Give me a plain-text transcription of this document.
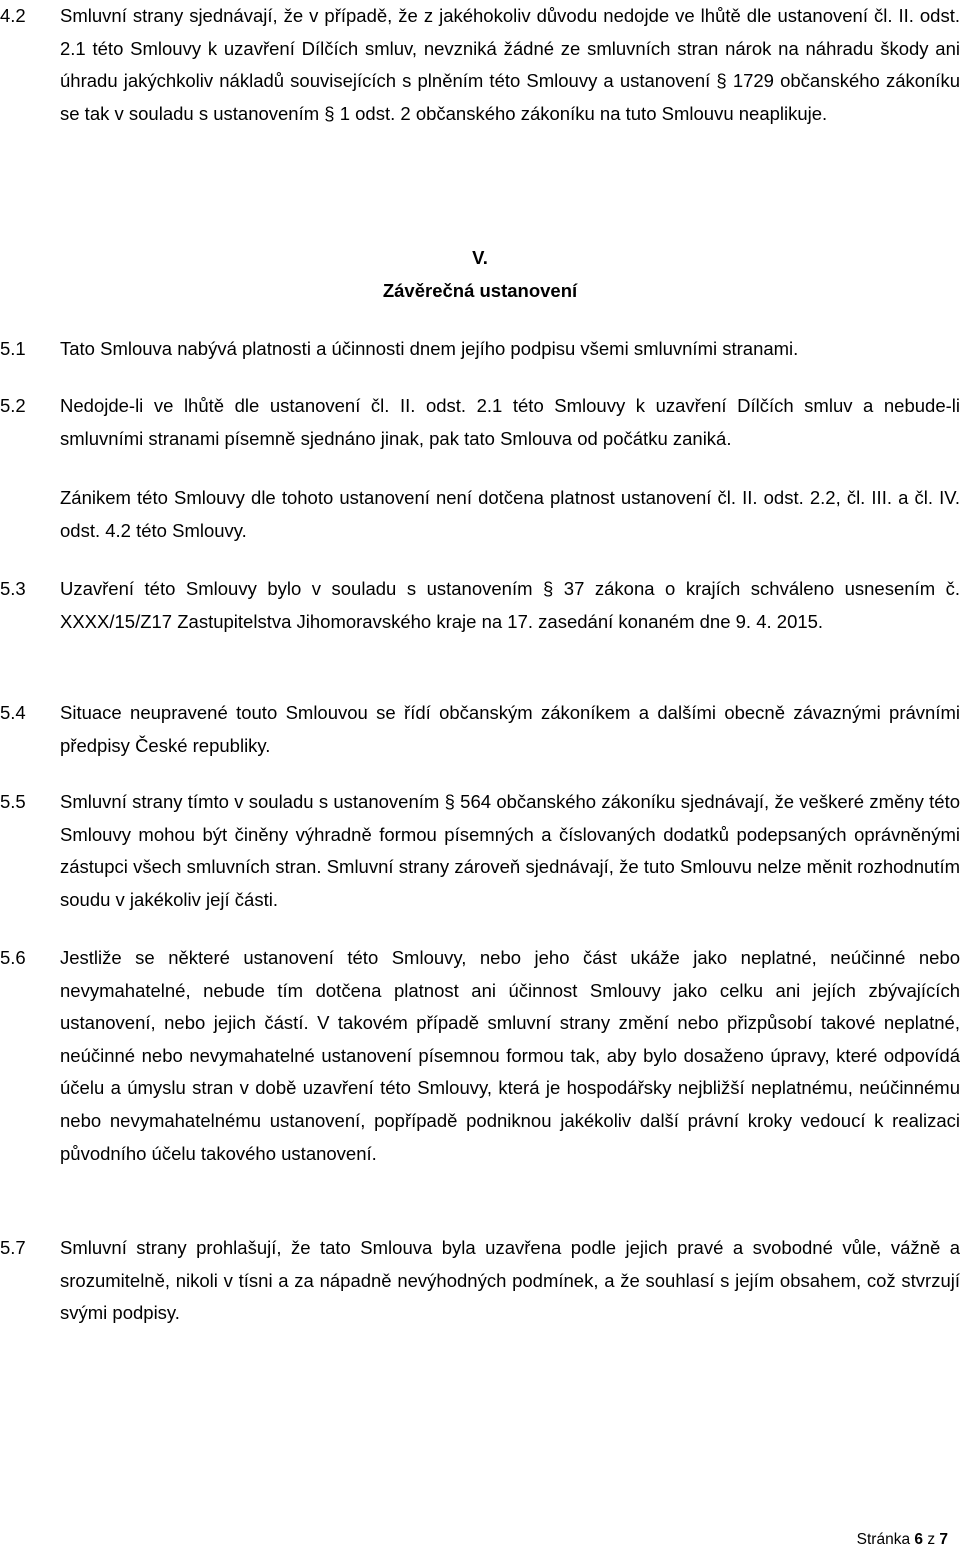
4.2	Smluvní strany sjednávají, že v případě, že z jakéhokoliv důvodu nedojde ve lhůtě dle ustanovení čl. II. odst. 2.1 této Smlouvy k uzavření Dílčích smluv, nevzniká žádné ze smluvních stran nárok na náhradu škody ani úhradu jakýchkoliv nákladů souvisejících s plněním této Smlouvy a ustanovení § 1729 občanského zákoníku se tak v souladu s ustanovením § 1 odst. 2 občanského zákoníku na tuto Smlouvu neaplikuje.

V.
Závěrečná ustanovení
5.1	Tato Smlouva nabývá platnosti a účinnosti dnem jejího podpisu všemi smluvními stranami.

5.2	Nedojde-li ve lhůtě dle ustanovení čl. II. odst. 2.1 této Smlouvy k uzavření Dílčích smluv a nebude-li smluvními stranami písemně sjednáno jinak, pak tato Smlouva od počátku zaniká.

Zánikem této Smlouvy dle tohoto ustanovení není dotčena platnost ustanovení čl. II. odst. 2.2, čl. III. a čl. IV. odst. 4.2 této Smlouvy.

5.3	Uzavření této Smlouvy bylo v souladu s ustanovením § 37 zákona o krajích schváleno usnesením č. XXXX/15/Z17 Zastupitelstva Jihomoravského kraje na 17. zasedání konaném dne 9. 4. 2015.

5.4	Situace neupravené touto Smlouvou se řídí občanským zákoníkem a dalšími obecně závaznými právními předpisy České republiky.

5.5	Smluvní strany tímto v souladu s ustanovením § 564 občanského zákoníku sjednávají, že veškeré změny této Smlouvy mohou být činěny výhradně formou písemných a číslovaných dodatků podepsaných oprávněnými zástupci všech smluvních stran. Smluvní strany zároveň sjednávají, že tuto Smlouvu nelze měnit rozhodnutím soudu v jakékoliv její části.

5.6	Jestliže se některé ustanovení této Smlouvy, nebo jeho část ukáže jako neplatné, neúčinné nebo nevymahatelné, nebude tím dotčena platnost ani účinnost Smlouvy jako celku ani jejích zbývajících ustanovení, nebo jejich částí. V takovém případě smluvní strany změní nebo přizpůsobí takové neplatné, neúčinné nebo nevymahatelné ustanovení písemnou formou tak, aby bylo dosaženo úpravy, které odpovídá účelu a úmyslu stran v době uzavření této Smlouvy, která je hospodářsky nejbližší neplatnému, neúčinnému nebo nevymahatelnému ustanovení, popřípadě podniknou jakékoliv další právní kroky vedoucí k realizaci původního účelu takového ustanovení.

5.7	Smluvní strany prohlašují, že tato Smlouva byla uzavřena podle jejich pravé a svobodné vůle, vážně a srozumitelně, nikoli v tísni a za nápadně nevýhodných podmínek, a že souhlasí s jejím obsahem, což stvrzují svými podpisy.

Stránka 6 z 7
